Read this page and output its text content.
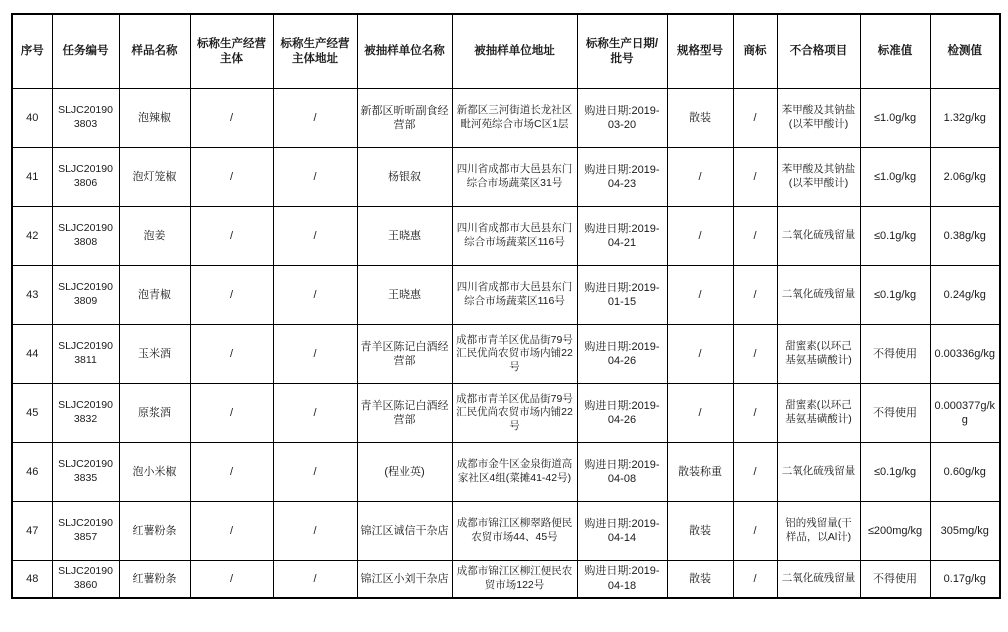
序号	任务编号	样品名称	标称生产经营主体	标称生产经营主体地址	被抽样单位名称	被抽样单位地址	标称生产日期/批号	规格型号	商标	不合格项目	标准值	检测值
40	SLJC201903803	泡辣椒	/	/	新都区昕昕副食经营部	新都区三河街道长龙社区毗河苑综合市场C区1层	购进日期:2019-03-20	散装	/	苯甲酸及其钠盐(以苯甲酸计)	≤1.0g/kg	1.32g/kg
41	SLJC201903806	泡灯笼椒	/	/	杨银叙	四川省成都市大邑县东门综合市场蔬菜区31号	购进日期:2019-04-23	/	/	苯甲酸及其钠盐(以苯甲酸计)	≤1.0g/kg	2.06g/kg
42	SLJC201903808	泡姜	/	/	王晓惠	四川省成都市大邑县东门综合市场蔬菜区116号	购进日期:2019-04-21	/	/	二氧化硫残留量	≤0.1g/kg	0.38g/kg
43	SLJC201903809	泡青椒	/	/	王晓惠	四川省成都市大邑县东门综合市场蔬菜区116号	购进日期:2019-01-15	/	/	二氧化硫残留量	≤0.1g/kg	0.24g/kg
44	SLJC201903811	玉米酒	/	/	青羊区陈记白酒经营部	成都市青羊区优品街79号汇民优尚农贸市场内铺22号	购进日期:2019-04-26	/	/	甜蜜素(以环己基氨基磺酸计)	不得使用	0.00336g/kg
45	SLJC201903832	原浆酒	/	/	青羊区陈记白酒经营部	成都市青羊区优品街79号汇民优尚农贸市场内铺22号	购进日期:2019-04-26	/	/	甜蜜素(以环己基氨基磺酸计)	不得使用	0.000377g/kg
46	SLJC201903835	泡小米椒	/	/	(程业英)	成都市金牛区金泉街道高家社区4组(菜摊41-42号)	购进日期:2019-04-08	散装称重	/	二氧化硫残留量	≤0.1g/kg	0.60g/kg
47	SLJC201903857	红薯粉条	/	/	锦江区诚信干杂店	成都市锦江区柳翠路便民农贸市场44、45号	购进日期:2019-04-14	散装	/	铝的残留量(干样品，以Al计)	≤200mg/kg	305mg/kg
48	SLJC201903860	红薯粉条	/	/	锦江区小刘干杂店	成都市锦江区柳江便民农贸市场122号	购进日期:2019-04-18	散装	/	二氧化硫残留量	不得使用	0.17g/kg
